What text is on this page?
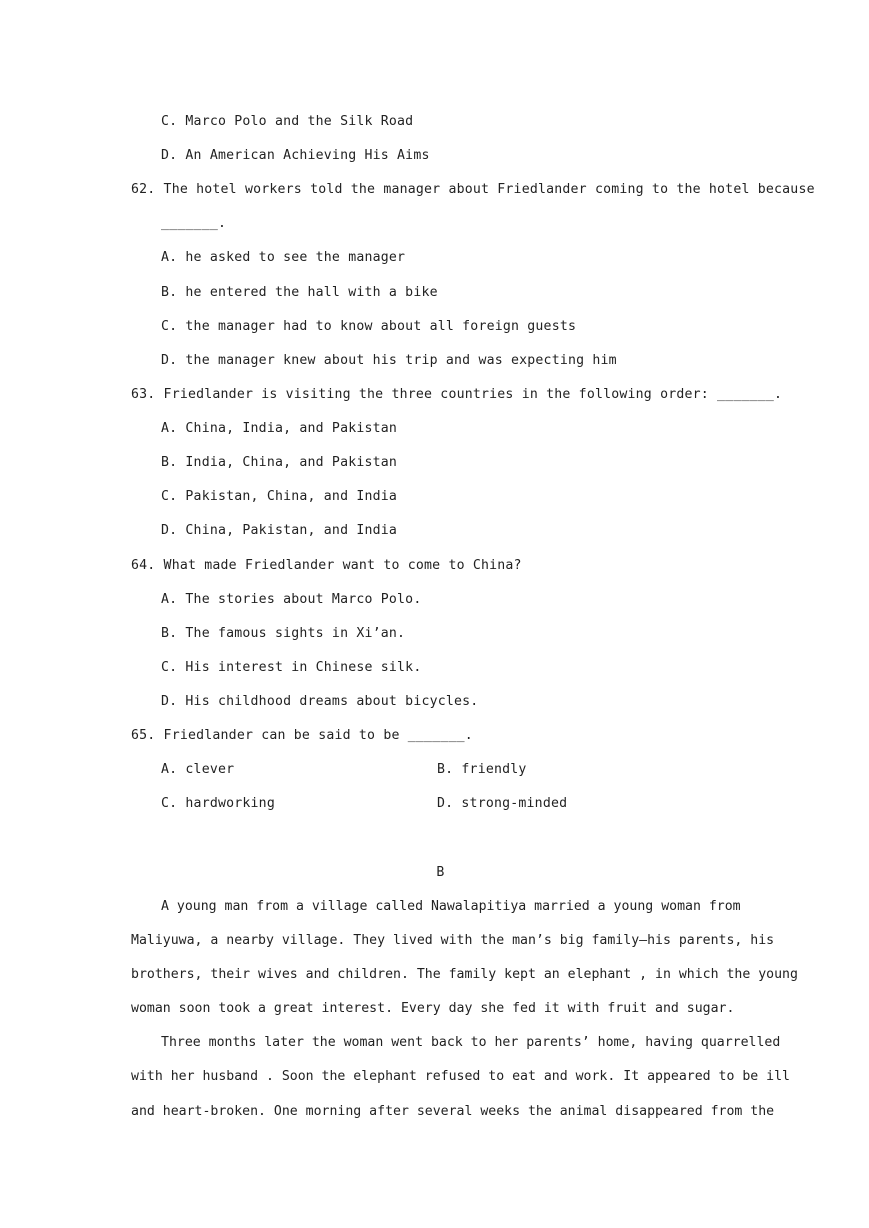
C. Marco Polo and the Silk Road
D. An American Achieving His Aims
62. The hotel workers told the manager about Friedlander coming to the hotel because
_______.
A. he asked to see the manager
B. he entered the hall with a bike
C. the manager had to know about all foreign guests
D. the manager knew about his trip and was expecting him
63. Friedlander is visiting the three countries in the following order: _______.
A. China, India, and Pakistan
B. India, China, and Pakistan
C. Pakistan, China, and India
D. China, Pakistan, and India
64. What made Friedlander want to come to China?
A. The stories about Marco Polo.
B. The famous sights in Xi’an.
C. His interest in Chinese silk.
D. His childhood dreams about bicycles.
65. Friedlander can be said to be _______.
A. clever	B. friendly
C. hardworking	D. strong-minded
B
A young man from a village called Nawalapitiya married a young woman from
Maliyuwa, a nearby village. They lived with the man’s big family—his parents, his
brothers, their wives and children. The family kept an elephant , in which the young
woman soon took a great interest. Every day she fed it with fruit and sugar.
Three months later the woman went back to her parents’ home, having quarrelled
with her husband . Soon the elephant refused to eat and work. It appeared to be ill
and heart-broken. One morning after several weeks the animal disappeared from the
